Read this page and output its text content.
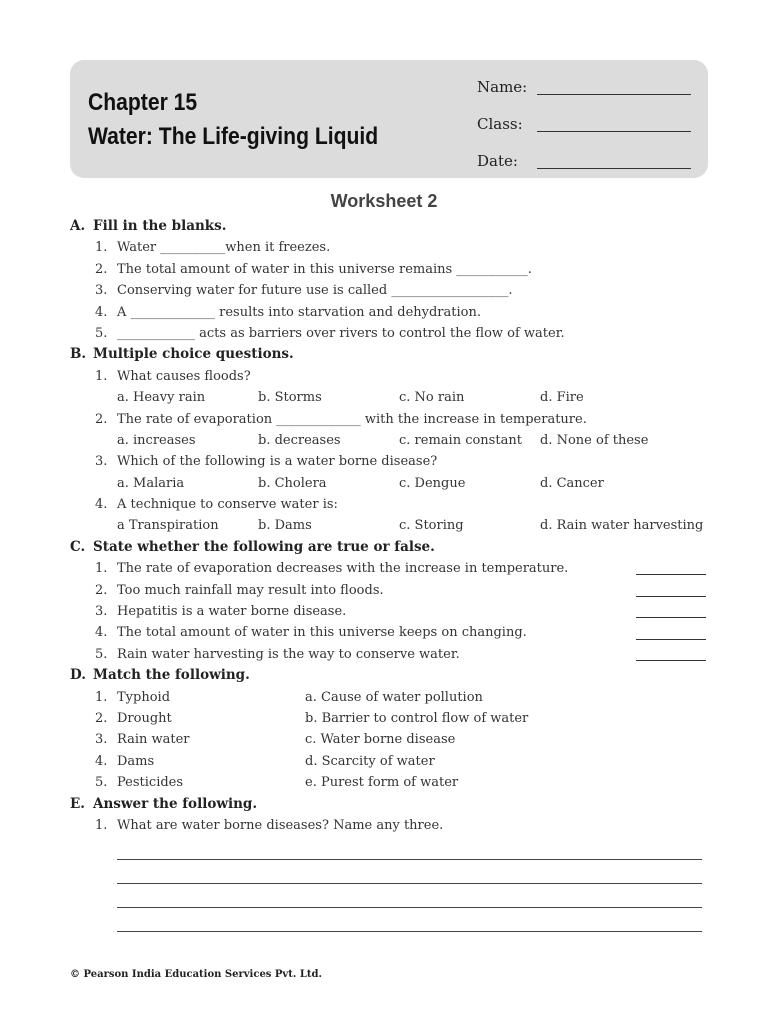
Chapter 15
Water: The Life-giving Liquid
Name:
Class:
Date:
Worksheet 2
A. Fill in the blanks.
1. Water __________when it freezes.
2. The total amount of water in this universe remains ___________.
3. Conserving water for future use is called __________________.
4. A _____________ results into starvation and dehydration.
5. ____________ acts as barriers over rivers to control the flow of water.
B. Multiple choice questions.
1. What causes floods?
a. Heavy rain	b. Storms	c. No rain	d. Fire
2. The rate of evaporation _____________ with the increase in temperature.
a. increases	b. decreases	c. remain constant	d. None of these
3. Which of the following is a water borne disease?
a. Malaria	b. Cholera	c. Dengue	d. Cancer
4. A technique to conserve water is:
a Transpiration	b. Dams	c. Storing	d. Rain water harvesting
C. State whether the following are true or false.
1. The rate of evaporation decreases with the increase in temperature.
2. Too much rainfall may result into floods.
3. Hepatitis is a water borne disease.
4. The total amount of water in this universe keeps on changing.
5. Rain water harvesting is the way to conserve water.
D. Match the following.
1. Typhoid	a. Cause of water pollution
2. Drought	b. Barrier to control flow of water
3. Rain water	c. Water borne disease
4. Dams	d. Scarcity of water
5. Pesticides	e. Purest form of water
E. Answer the following.
1. What are water borne diseases? Name any three.
© Pearson India Education Services Pvt. Ltd.
